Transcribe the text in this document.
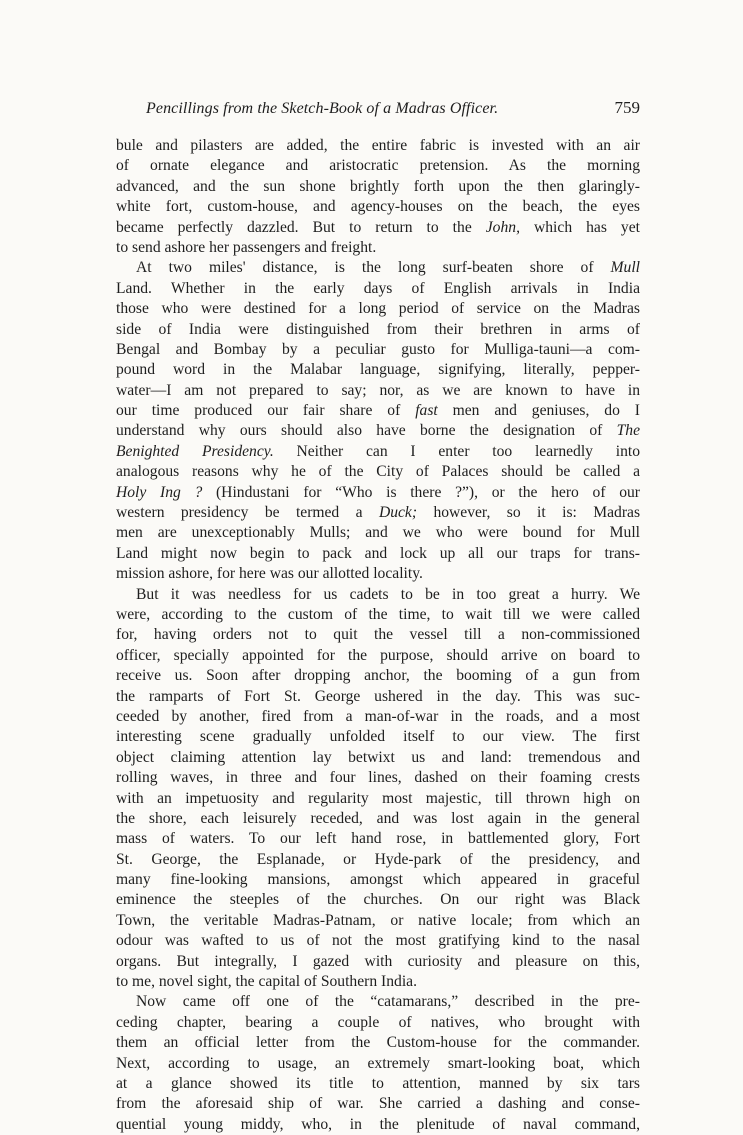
Pencillings from the Sketch-Book of a Madras Officer.	759
bule and pilasters are added, the entire fabric is invested with an air
of ornate elegance and aristocratic pretension. As the morning
advanced, and the sun shone brightly forth upon the then glaringly-
white fort, custom-house, and agency-houses on the beach, the eyes
became perfectly dazzled. But to return to the John, which has yet
to send ashore her passengers and freight.
At two miles' distance, is the long surf-beaten shore of Mull
Land. Whether in the early days of English arrivals in India
those who were destined for a long period of service on the Madras
side of India were distinguished from their brethren in arms of
Bengal and Bombay by a peculiar gusto for Mulliga-tauni—a com-
pound word in the Malabar language, signifying, literally, pepper-
water—I am not prepared to say; nor, as we are known to have in
our time produced our fair share of fast men and geniuses, do I
understand why ours should also have borne the designation of The
Benighted Presidency. Neither can I enter too learnedly into
analogous reasons why he of the City of Palaces should be called a
Holy Ing ? (Hindustani for “Who is there ?”), or the hero of our
western presidency be termed a Duck; however, so it is: Madras
men are unexceptionably Mulls; and we who were bound for Mull
Land might now begin to pack and lock up all our traps for trans-
mission ashore, for here was our allotted locality.
But it was needless for us cadets to be in too great a hurry. We
were, according to the custom of the time, to wait till we were called
for, having orders not to quit the vessel till a non-commissioned
officer, specially appointed for the purpose, should arrive on board to
receive us. Soon after dropping anchor, the booming of a gun from
the ramparts of Fort St. George ushered in the day. This was suc-
ceeded by another, fired from a man-of-war in the roads, and a most
interesting scene gradually unfolded itself to our view. The first
object claiming attention lay betwixt us and land: tremendous and
rolling waves, in three and four lines, dashed on their foaming crests
with an impetuosity and regularity most majestic, till thrown high on
the shore, each leisurely receded, and was lost again in the general
mass of waters. To our left hand rose, in battlemented glory, Fort
St. George, the Esplanade, or Hyde-park of the presidency, and
many fine-looking mansions, amongst which appeared in graceful
eminence the steeples of the churches. On our right was Black
Town, the veritable Madras-Patnam, or native locale; from which an
odour was wafted to us of not the most gratifying kind to the nasal
organs. But integrally, I gazed with curiosity and pleasure on this,
to me, novel sight, the capital of Southern India.
Now came off one of the “catamarans,” described in the pre-
ceding chapter, bearing a couple of natives, who brought with
them an official letter from the Custom-house for the commander.
Next, according to usage, an extremely smart-looking boat, which
at a glance showed its title to attention, manned by six tars
from the aforesaid ship of war. She carried a dashing and conse-
quential young middy, who, in the plenitude of naval command,
